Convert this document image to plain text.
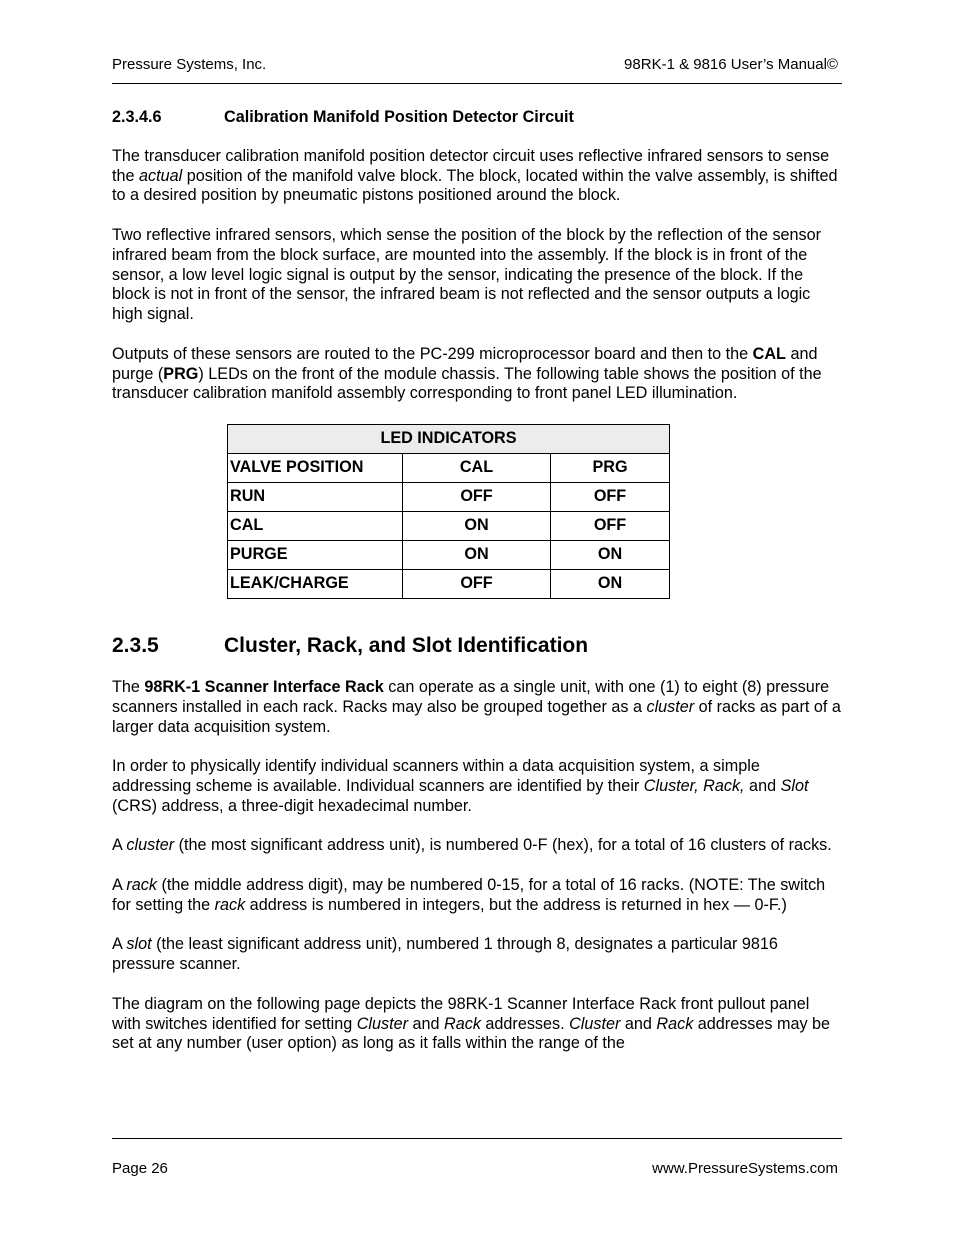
Pressure Systems, Inc.	98RK-1 & 9816 User’s Manual©
2.3.4.6	Calibration Manifold Position Detector Circuit

The transducer calibration manifold position detector circuit uses reflective infrared sensors to sense the actual position of the manifold valve block. The block, located within the valve assembly, is shifted to a desired position by pneumatic pistons positioned around the block.

Two reflective infrared sensors, which sense the position of the block by the reflection of the sensor infrared beam from the block surface, are mounted into the assembly. If the block is in front of the sensor, a low level logic signal is output by the sensor, indicating the presence of the block. If the block is not in front of the sensor, the infrared beam is not reflected and the sensor outputs a logic high signal.

Outputs of these sensors are routed to the PC-299 microprocessor board and then to the CAL and purge (PRG) LEDs on the front of the module chassis. The following table shows the position of the transducer calibration manifold assembly corresponding to front panel LED illumination.

LED INDICATORS		
VALVE POSITION	CAL	PRG
RUN	OFF	OFF
CAL	ON	OFF
PURGE	ON	ON
LEAK/CHARGE	OFF	ON
2.3.5	Cluster, Rack, and Slot Identification

The 98RK-1 Scanner Interface Rack can operate as a single unit, with one (1) to eight (8) pressure scanners installed in each rack. Racks may also be grouped together as a cluster of racks as part of a larger data acquisition system.

In order to physically identify individual scanners within a data acquisition system, a simple addressing scheme is available. Individual scanners are identified by their Cluster, Rack, and Slot (CRS) address, a three-digit hexadecimal number.

A cluster (the most significant address unit), is numbered 0-F (hex), for a total of 16 clusters of racks.

A rack (the middle address digit), may be numbered 0-15, for a total of 16 racks. (NOTE: The switch for setting the rack address is numbered in integers, but the address is returned in hex — 0-F.)

A slot (the least significant address unit), numbered 1 through 8, designates a particular 9816 pressure scanner.

The diagram on the following page depicts the 98RK-1 Scanner Interface Rack front pullout panel with switches identified for setting Cluster and Rack addresses. Cluster and Rack addresses may be set at any number (user option) as long as it falls within the range of the

Page 26	www.PressureSystems.com
